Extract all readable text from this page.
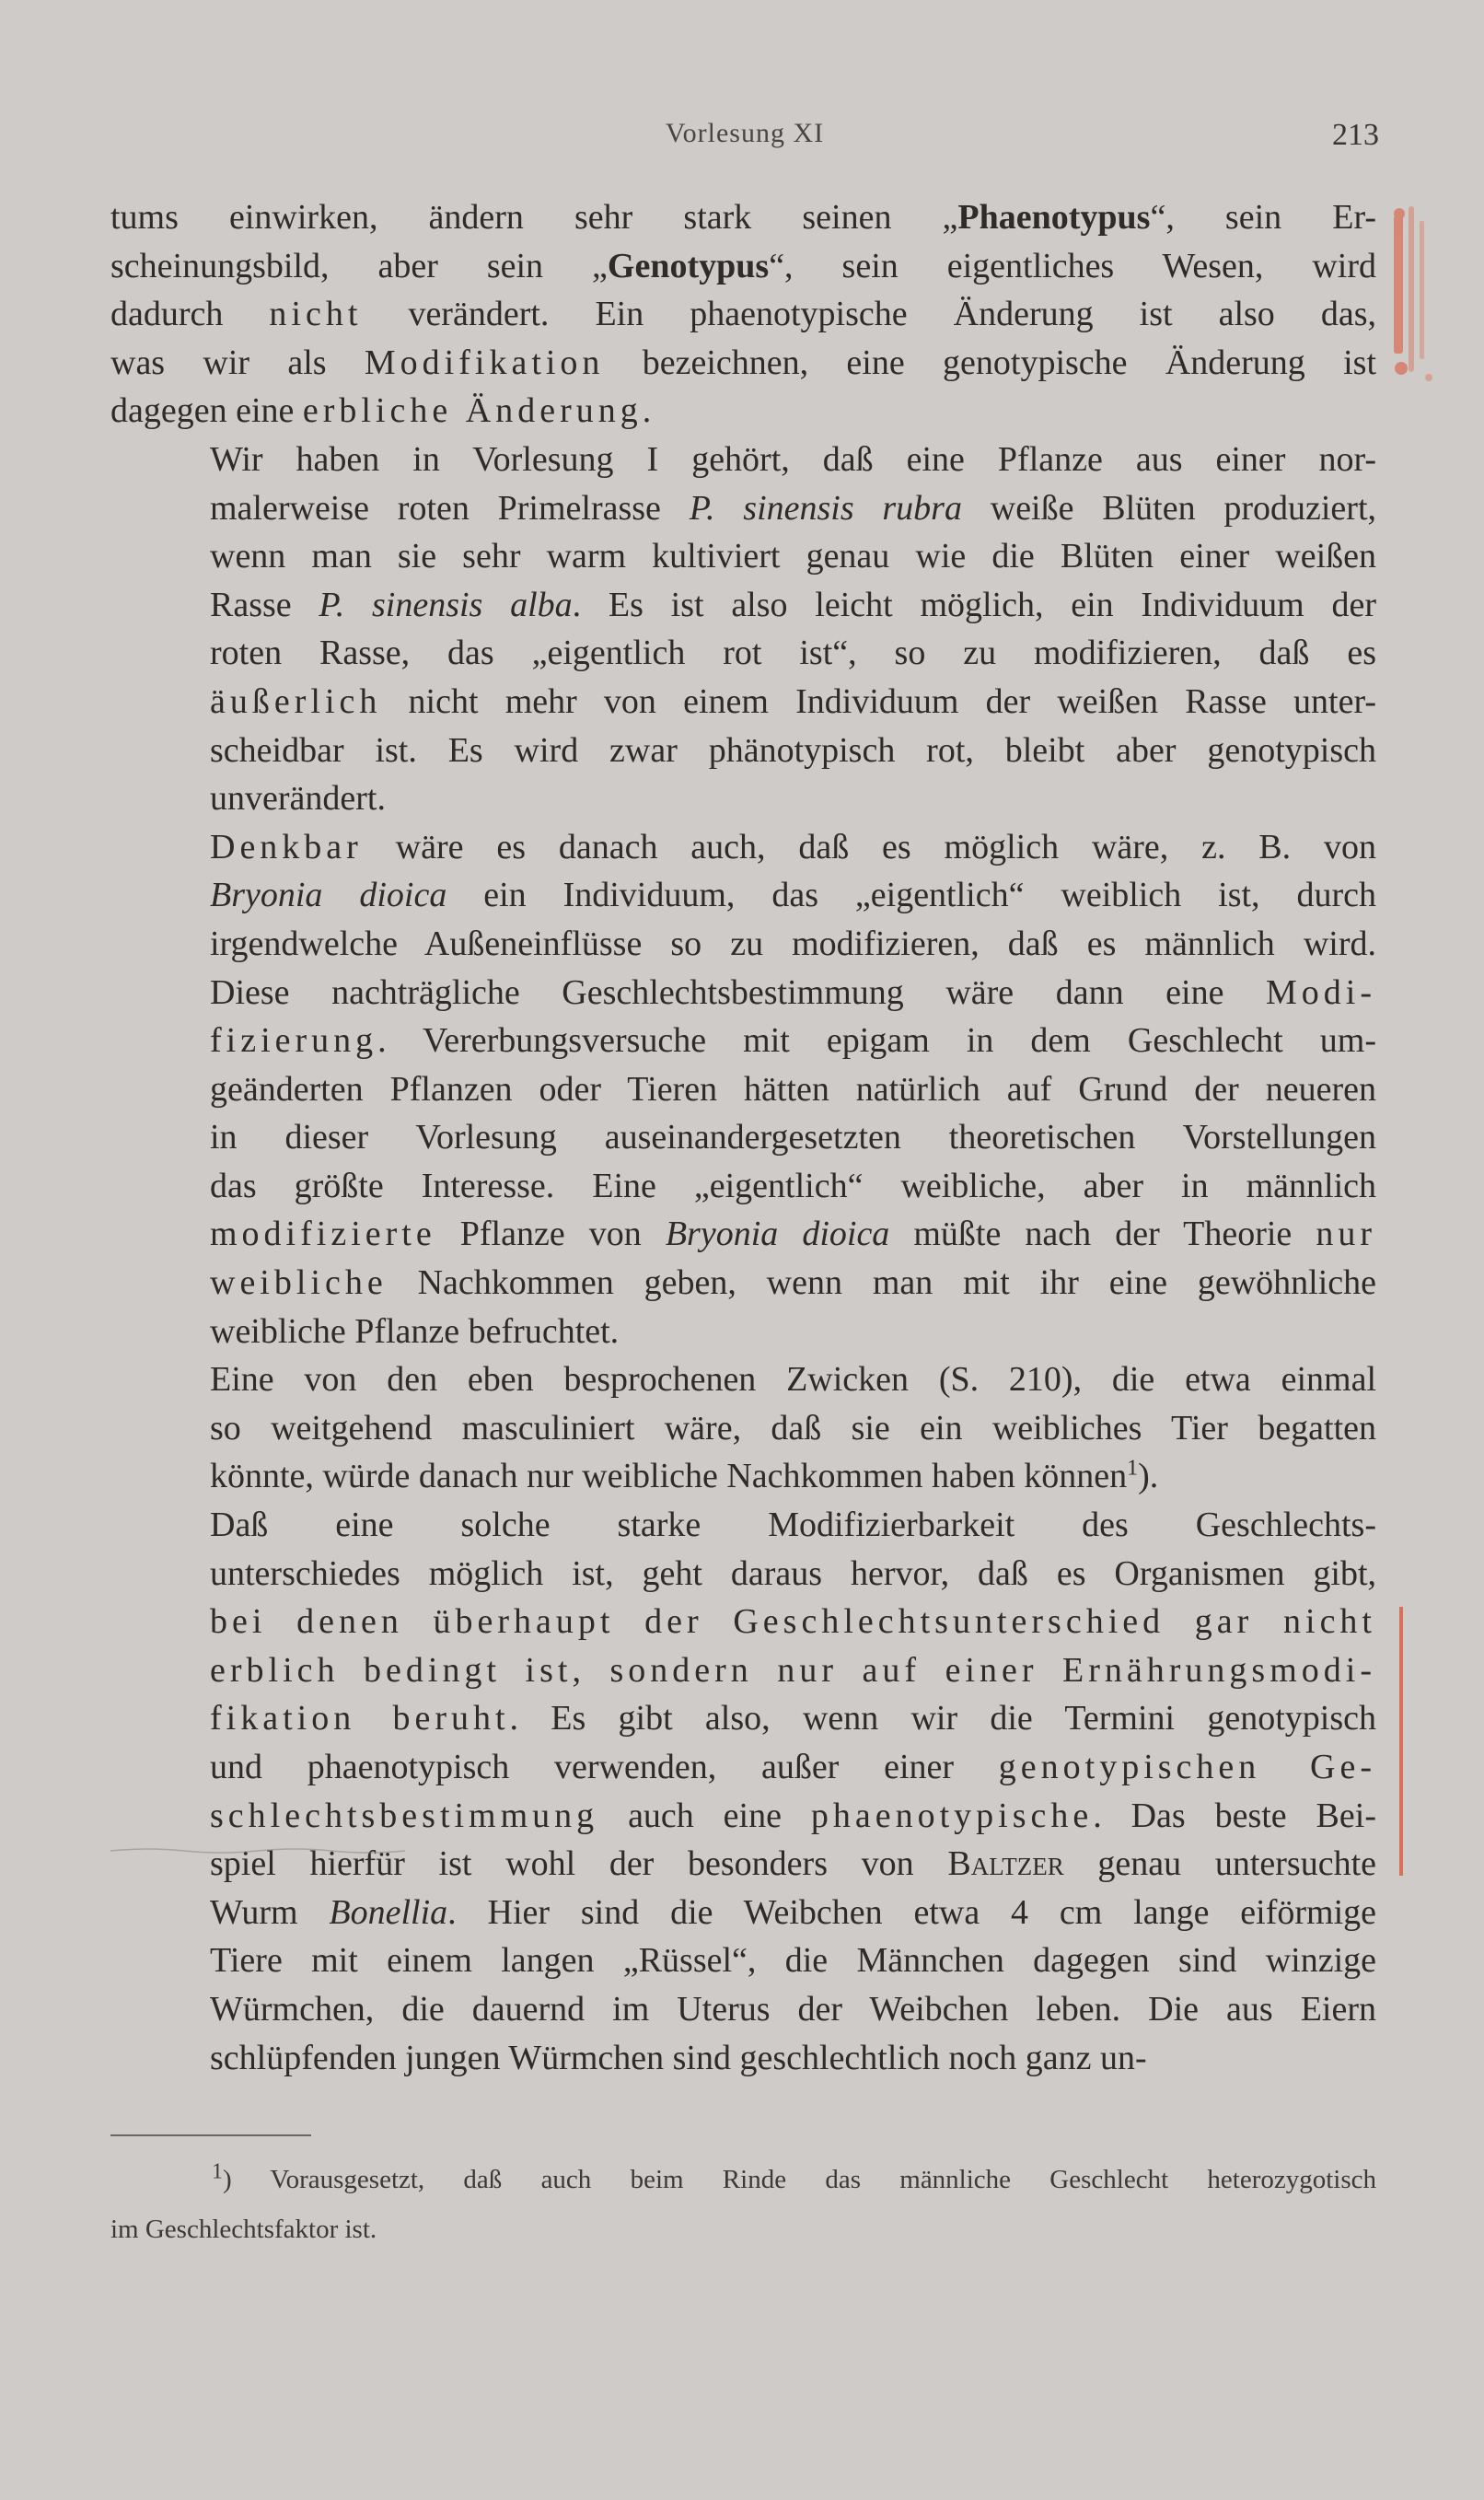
Vorlesung XI	213
tums einwirken, ändern sehr stark seinen „Phaenotypus“, sein Er-
scheinungsbild, aber sein „Genotypus“, sein eigentliches Wesen, wird
dadurch nicht verändert. Ein phaenotypische Änderung ist also das,
was wir als Modifikation bezeichnen, eine genotypische Änderung ist
dagegen eine erbliche Änderung.
Wir haben in Vorlesung I gehört, daß eine Pflanze aus einer nor-
malerweise roten Primelrasse P. sinensis rubra weiße Blüten produziert,
wenn man sie sehr warm kultiviert genau wie die Blüten einer weißen
Rasse P. sinensis alba. Es ist also leicht möglich, ein Individuum der
roten Rasse, das „eigentlich rot ist“, so zu modifizieren, daß es
äußerlich nicht mehr von einem Individuum der weißen Rasse unter-
scheidbar ist. Es wird zwar phänotypisch rot, bleibt aber genotypisch
unverändert.
Denkbar wäre es danach auch, daß es möglich wäre, z. B. von
Bryonia dioica ein Individuum, das „eigentlich“ weiblich ist, durch
irgendwelche Außeneinflüsse so zu modifizieren, daß es männlich wird.
Diese nachträgliche Geschlechtsbestimmung wäre dann eine Modi-
fizierung. Vererbungsversuche mit epigam in dem Geschlecht um-
geänderten Pflanzen oder Tieren hätten natürlich auf Grund der neueren
in dieser Vorlesung auseinandergesetzten theoretischen Vorstellungen
das größte Interesse. Eine „eigentlich“ weibliche, aber in männlich
modifizierte Pflanze von Bryonia dioica müßte nach der Theorie nur
weibliche Nachkommen geben, wenn man mit ihr eine gewöhnliche
weibliche Pflanze befruchtet.
Eine von den eben besprochenen Zwicken (S. 210), die etwa einmal
so weitgehend masculiniert wäre, daß sie ein weibliches Tier begatten
könnte, würde danach nur weibliche Nachkommen haben können$^1$).
Daß eine solche starke Modifizierbarkeit des Geschlechts-
unterschiedes möglich ist, geht daraus hervor, daß es Organismen gibt,
bei denen überhaupt der Geschlechtsunterschied gar nicht
erblich bedingt ist, sondern nur auf einer Ernährungsmodi-
fikation beruht. Es gibt also, wenn wir die Termini genotypisch
und phaenotypisch verwenden, außer einer genotypischen Ge-
schlechtsbestimmung auch eine phaenotypische. Das beste Bei-
spiel hierfür ist wohl der besonders von Baltzer genau untersuchte
Wurm Bonellia. Hier sind die Weibchen etwa 4 cm lange eiförmige
Tiere mit einem langen „Rüssel“, die Männchen dagegen sind winzige
Würmchen, die dauernd im Uterus der Weibchen leben. Die aus Eiern
schlüpfenden jungen Würmchen sind geschlechtlich noch ganz un-
$^1$) Vorausgesetzt, daß auch beim Rinde das männliche Geschlecht heterozygotisch
im Geschlechtsfaktor ist.
